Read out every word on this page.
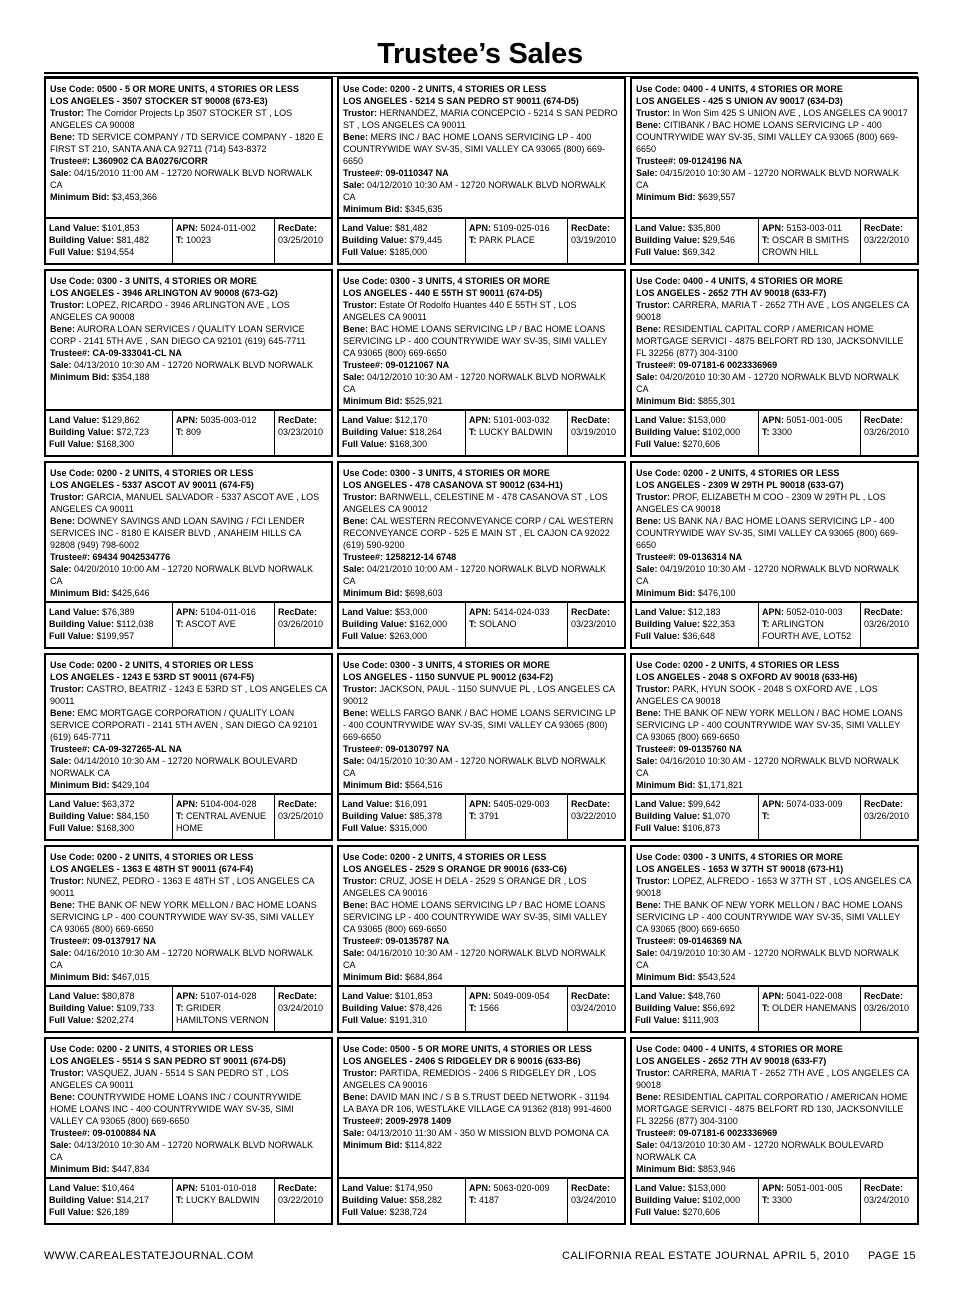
Trustee’s Sales
Use Code: 0500 - 5 OR MORE UNITS, 4 STORIES OR LESS
LOS ANGELES - 3507 STOCKER ST 90008 (673-E3)
Trustor: The Corridor Projects Lp 3507 STOCKER ST , LOS ANGELES CA 90008
Bene: TD SERVICE COMPANY / TD SERVICE COMPANY - 1820 E FIRST ST 210, SANTA ANA CA 92711 (714) 543-8372
Trustee#: L360902 CA BA0276/CORR
Sale: 04/15/2010 11:00 AM - 12720 NORWALK BLVD NORWALK CA
Minimum Bid: $3,453,366
Land Value: $101,853
Building Value: $81,482
Full Value: $194,554
APN: 5024-011-002
T: 10023
RecDate:
03/25/2010
Use Code: 0200 - 2 UNITS, 4 STORIES OR LESS
LOS ANGELES - 5214 S SAN PEDRO ST 90011 (674-D5)
Trustor: HERNANDEZ, MARIA CONCEPCIO - 5214 S SAN PEDRO ST , LOS ANGELES CA 90011
Bene: MERS INC / BAC HOME LOANS SERVICING LP - 400 COUNTRYWIDE WAY SV-35, SIMI VALLEY CA 93065 (800) 669-6650
Trustee#: 09-0110347 NA
Sale: 04/12/2010 10:30 AM - 12720 NORWALK BLVD NORWALK CA
Minimum Bid: $345,635
Land Value: $81,482
Building Value: $79,445
Full Value: $185,000
APN: 5109-025-016
T: PARK PLACE
RecDate:
03/19/2010
Use Code: 0400 - 4 UNITS, 4 STORIES OR MORE
LOS ANGELES - 425 S UNION AV 90017 (634-D3)
Trustor: In Won Sim 425 S UNION AVE , LOS ANGELES CA 90017
Bene: CITIBANK / BAC HOME LOANS SERVICING LP - 400 COUNTRYWIDE WAY SV-35, SIMI VALLEY CA 93065 (800) 669-6650
Trustee#: 09-0124196 NA
Sale: 04/15/2010 10:30 AM - 12720 NORWALK BLVD NORWALK CA
Minimum Bid: $639,557
Land Value: $35,800
Building Value: $29,546
Full Value: $69,342
APN: 5153-003-011
T: OSCAR B SMITHS CROWN HILL
RecDate:
03/22/2010
Use Code: 0300 - 3 UNITS, 4 STORIES OR MORE
LOS ANGELES - 3946 ARLINGTON AV 90008 (673-G2)
Trustor: LOPEZ, RICARDO - 3946 ARLINGTON AVE , LOS ANGELES CA 90008
Bene: AURORA LOAN SERVICES / QUALITY LOAN SERVICE CORP - 2141 5TH AVE , SAN DIEGO CA 92101 (619) 645-7711
Trustee#: CA-09-333041-CL NA
Sale: 04/13/2010 10:30 AM - 12720 NORWALK BLVD NORWALK
Minimum Bid: $354,188
Land Value: $129,862
Building Value: $72,723
Full Value: $168,300
APN: 5035-003-012
T: 809
RecDate:
03/23/2010
Use Code: 0300 - 3 UNITS, 4 STORIES OR MORE
LOS ANGELES - 440 E 55TH ST 90011 (674-D5)
Trustor: Estate Of Rodolfo Huantes 440 E 55TH ST , LOS ANGELES CA 90011
Bene: BAC HOME LOANS SERVICING LP / BAC HOME LOANS SERVICING LP - 400 COUNTRYWIDE WAY SV-35, SIMI VALLEY CA 93065 (800) 669-6650
Trustee#: 09-0121067 NA
Sale: 04/12/2010 10:30 AM - 12720 NORWALK BLVD NORWALK CA
Minimum Bid: $525,921
Land Value: $12,170
Building Value: $18,264
Full Value: $168,300
APN: 5101-003-032
T: LUCKY BALDWIN
RecDate:
03/19/2010
Use Code: 0400 - 4 UNITS, 4 STORIES OR MORE
LOS ANGELES - 2652 7TH AV 90018 (633-F7)
Trustor: CARRERA, MARIA T - 2652 7TH AVE , LOS ANGELES CA 90018
Bene: RESIDENTIAL CAPITAL CORP / AMERICAN HOME MORTGAGE SERVICI - 4875 BELFORT RD 130, JACKSONVILLE FL 32256 (877) 304-3100
Trustee#: 09-07181-6 0023336969
Sale: 04/20/2010 10:30 AM - 12720 NORWALK BLVD NORWALK CA
Minimum Bid: $855,301
Land Value: $153,000
Building Value: $102,000
Full Value: $270,606
APN: 5051-001-005
T: 3300
RecDate:
03/26/2010
Use Code: 0200 - 2 UNITS, 4 STORIES OR LESS
LOS ANGELES - 5337 ASCOT AV 90011 (674-F5)
Trustor: GARCIA, MANUEL SALVADOR - 5337 ASCOT AVE , LOS ANGELES CA 90011
Bene: DOWNEY SAVINGS AND LOAN SAVING / FCI LENDER SERVICES INC - 8180 E KAISER BLVD , ANAHEIM HILLS CA 92808 (949) 798-6002
Trustee#: 69434 9042534776
Sale: 04/20/2010 10:00 AM - 12720 NORWALK BLVD NORWALK CA
Minimum Bid: $425,646
Land Value: $76,389
Building Value: $112,038
Full Value: $199,957
APN: 5104-011-016
T: ASCOT AVE
RecDate:
03/26/2010
Use Code: 0300 - 3 UNITS, 4 STORIES OR MORE
LOS ANGELES - 478 CASANOVA ST 90012 (634-H1)
Trustor: BARNWELL, CELESTINE M - 478 CASANOVA ST , LOS ANGELES CA 90012
Bene: CAL WESTERN RECONVEYANCE CORP / CAL WESTERN RECONVEYANCE CORP - 525 E MAIN ST , EL CAJON CA 92022 (619) 590-9200
Trustee#: 1258212-14 6748
Sale: 04/21/2010 10:00 AM - 12720 NORWALK BLVD NORWALK CA
Minimum Bid: $698,603
Land Value: $53,000
Building Value: $162,000
Full Value: $263,000
APN: 5414-024-033
T: SOLANO
RecDate:
03/23/2010
Use Code: 0200 - 2 UNITS, 4 STORIES OR LESS
LOS ANGELES - 2309 W 29TH PL 90018 (633-G7)
Trustor: PROF, ELIZABETH M COO - 2309 W 29TH PL , LOS ANGELES CA 90018
Bene: US BANK NA / BAC HOME LOANS SERVICING LP - 400 COUNTRYWIDE WAY SV-35, SIMI VALLEY CA 93065 (800) 669-6650
Trustee#: 09-0136314 NA
Sale: 04/19/2010 10:30 AM - 12720 NORWALK BLVD NORWALK CA
Minimum Bid: $476,100
Land Value: $12,183
Building Value: $22,353
Full Value: $36,648
APN: 5052-010-003
T: ARLINGTON FOURTH AVE, LOT52
RecDate:
03/26/2010
Use Code: 0200 - 2 UNITS, 4 STORIES OR LESS
LOS ANGELES - 1243 E 53RD ST 90011 (674-F5)
Trustor: CASTRO, BEATRIZ - 1243 E 53RD ST , LOS ANGELES CA 90011
Bene: EMC MORTGAGE CORPORATION / QUALITY LOAN SERVICE CORPORATI - 2141 5TH AVEN , SAN DIEGO CA 92101 (619) 645-7711
Trustee#: CA-09-327265-AL NA
Sale: 04/14/2010 10:30 AM - 12720 NORWALK BOULEVARD NORWALK CA
Minimum Bid: $429,104
Land Value: $63,372
Building Value: $84,150
Full Value: $168,300
APN: 5104-004-028
T: CENTRAL AVENUE HOME
RecDate:
03/25/2010
Use Code: 0300 - 3 UNITS, 4 STORIES OR MORE
LOS ANGELES - 1150 SUNVUE PL 90012 (634-F2)
Trustor: JACKSON, PAUL - 1150 SUNVUE PL , LOS ANGELES CA 90012
Bene: WELLS FARGO BANK / BAC HOME LOANS SERVICING LP - 400 COUNTRYWIDE WAY SV-35, SIMI VALLEY CA 93065 (800) 669-6650
Trustee#: 09-0130797 NA
Sale: 04/15/2010 10:30 AM - 12720 NORWALK BLVD NORWALK CA
Minimum Bid: $564,516
Land Value: $16,091
Building Value: $85,378
Full Value: $315,000
APN: 5405-029-003
T: 3791
RecDate:
03/22/2010
Use Code: 0200 - 2 UNITS, 4 STORIES OR LESS
LOS ANGELES - 2048 S OXFORD AV 90018 (633-H6)
Trustor: PARK, HYUN SOOK - 2048 S OXFORD AVE , LOS ANGELES CA 90018
Bene: THE BANK OF NEW YORK MELLON / BAC HOME LOANS SERVICING LP - 400 COUNTRYWIDE WAY SV-35, SIMI VALLEY CA 93065 (800) 669-6650
Trustee#: 09-0135760 NA
Sale: 04/16/2010 10:30 AM - 12720 NORWALK BLVD NORWALK CA
Minimum Bid: $1,171,821
Land Value: $99,642
Building Value: $1,070
Full Value: $106,873
APN: 5074-033-009
T:
RecDate:
03/26/2010
Use Code: 0200 - 2 UNITS, 4 STORIES OR LESS
LOS ANGELES - 1363 E 48TH ST 90011 (674-F4)
Trustor: NUNEZ, PEDRO - 1363 E 48TH ST , LOS ANGELES CA 90011
Bene: THE BANK OF NEW YORK MELLON / BAC HOME LOANS SERVICING LP - 400 COUNTRYWIDE WAY SV-35, SIMI VALLEY CA 93065 (800) 669-6650
Trustee#: 09-0137917 NA
Sale: 04/16/2010 10:30 AM - 12720 NORWALK BLVD NORWALK CA
Minimum Bid: $467,015
Land Value: $80,878
Building Value: $109,733
Full Value: $202,274
APN: 5107-014-028
T: GRIDER HAMILTONS VERNON
RecDate:
03/24/2010
Use Code: 0200 - 2 UNITS, 4 STORIES OR LESS
LOS ANGELES - 2529 S ORANGE DR 90016 (633-C6)
Trustor: CRUZ, JOSE H DELA - 2529 S ORANGE DR , LOS ANGELES CA 90016
Bene: BAC HOME LOANS SERVICING LP / BAC HOME LOANS SERVICING LP - 400 COUNTRYWIDE WAY SV-35, SIMI VALLEY CA 93065 (800) 669-6650
Trustee#: 09-0135787 NA
Sale: 04/16/2010 10:30 AM - 12720 NORWALK BLVD NORWALK CA
Minimum Bid: $684,864
Land Value: $101,853
Building Value: $78,426
Full Value: $191,310
APN: 5049-009-054
T: 1566
RecDate:
03/24/2010
Use Code: 0300 - 3 UNITS, 4 STORIES OR MORE
LOS ANGELES - 1653 W 37TH ST 90018 (673-H1)
Trustor: LOPEZ, ALFREDO - 1653 W 37TH ST , LOS ANGELES CA 90018
Bene: THE BANK OF NEW YORK MELLON / BAC HOME LOANS SERVICING LP - 400 COUNTRYWIDE WAY SV-35, SIMI VALLEY CA 93065 (800) 669-6650
Trustee#: 09-0146369 NA
Sale: 04/19/2010 10:30 AM - 12720 NORWALK BLVD NORWALK CA
Minimum Bid: $543,524
Land Value: $48,760
Building Value: $56,692
Full Value: $111,903
APN: 5041-022-008
T: OLDER HANEMANS
RecDate:
03/26/2010
Use Code: 0200 - 2 UNITS, 4 STORIES OR LESS
LOS ANGELES - 5514 S SAN PEDRO ST 90011 (674-D5)
Trustor: VASQUEZ, JUAN - 5514 S SAN PEDRO ST , LOS ANGELES CA 90011
Bene: COUNTRYWIDE HOME LOANS INC / COUNTRYWIDE HOME LOANS INC - 400 COUNTRYWIDE WAY SV-35, SIMI VALLEY CA 93065 (800) 669-6650
Trustee#: 09-0100884 NA
Sale: 04/13/2010 10:30 AM - 12720 NORWALK BLVD NORWALK CA
Minimum Bid: $447,834
Land Value: $10,464
Building Value: $14,217
Full Value: $26,189
APN: 5101-010-018
T: LUCKY BALDWIN
RecDate:
03/22/2010
Use Code: 0500 - 5 OR MORE UNITS, 4 STORIES OR LESS
LOS ANGELES - 2406 S RIDGELEY DR 6 90016 (633-B6)
Trustor: PARTIDA, REMEDIOS - 2406 S RIDGELEY DR , LOS ANGELES CA 90016
Bene: DAVID MAN INC / S B S.TRUST DEED NETWORK - 31194 LA BAYA DR 106, WESTLAKE VILLAGE CA 91362 (818) 991-4600
Trustee#: 2009-2978 1409
Sale: 04/13/2010 11:30 AM - 350 W MISSION BLVD POMONA CA
Minimum Bid: $114,822
Land Value: $174,950
Building Value: $58,282
Full Value: $238,724
APN: 5063-020-009
T: 4187
RecDate:
03/24/2010
Use Code: 0400 - 4 UNITS, 4 STORIES OR MORE
LOS ANGELES - 2652 7TH AV 90018 (633-F7)
Trustor: CARRERA, MARIA T - 2652 7TH AVE , LOS ANGELES CA 90018
Bene: RESIDENTIAL CAPITAL CORPORATIO / AMERICAN HOME MORTGAGE SERVICI - 4875 BELFORT RD 130, JACKSONVILLE FL 32256 (877) 304-3100
Trustee#: 09-07181-6 0023336969
Sale: 04/13/2010 10:30 AM - 12720 NORWALK BOULEVARD NORWALK CA
Minimum Bid: $853,946
Land Value: $153,000
Building Value: $102,000
Full Value: $270,606
APN: 5051-001-005
T: 3300
RecDate:
03/24/2010
WWW.CAREALESTATEJOURNAL.COM	CALIFORNIA REAL ESTATE JOURNAL APRIL 5, 2010 PAGE 15
